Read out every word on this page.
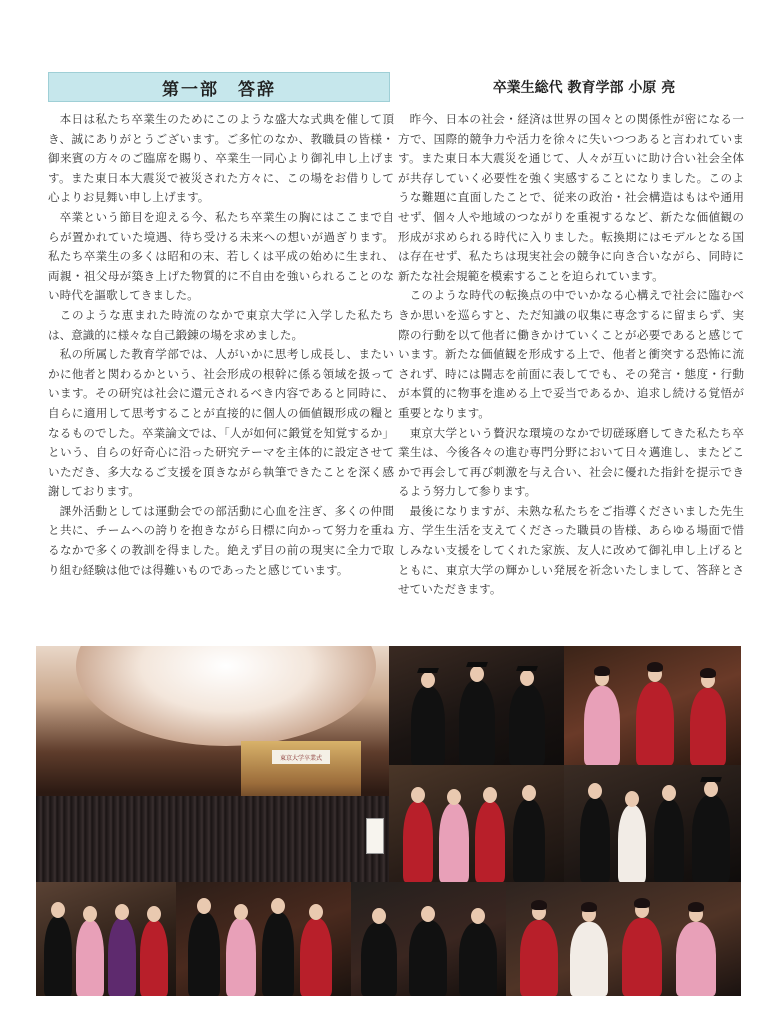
第一部　答辞	卒業生総代 教育学部 小原 亮

本日は私たち卒業生のためにこのような盛大な式典を催して頂き、誠にありがとうございます。ご多忙のなか、教職員の皆様・御来賓の方々のご臨席を賜り、卒業生一同心より御礼申し上げます。また東日本大震災で被災された方々に、この場をお借りして心よりお見舞い申し上げます。

卒業という節目を迎える今、私たち卒業生の胸にはここまで自らが置かれていた境遇、待ち受ける未来への想いが過ぎります。私たち卒業生の多くは昭和の末、若しくは平成の始めに生まれ、両親・祖父母が築き上げた物質的に不自由を強いられることのない時代を謳歌してきました。

このような恵まれた時流のなかで東京大学に入学した私たちは、意識的に様々な自己鍛錬の場を求めました。

私の所属した教育学部では、人がいかに思考し成長し、またいかに他者と関わるかという、社会形成の根幹に係る領域を扱っています。その研究は社会に還元されるべき内容であると同時に、自らに適用して思考することが直接的に個人の価値観形成の糧となるものでした。卒業論文では、「人が如何に鍛覚を知覚するか」という、自らの好奇心に沿った研究テーマを主体的に設定させていただき、多大なるご支援を頂きながら執筆できたことを深く感謝しております。

課外活動としては運動会での部活動に心血を注ぎ、多くの仲間と共に、チームへの誇りを抱きながら日標に向かって努力を重ねるなかで多くの教訓を得ました。絶えず目の前の現実に全力で取り組む経験は他では得難いものであったと感じています。

昨今、日本の社会・経済は世界の国々との関係性が密になる一方で、国際的競争力や活力を徐々に失いつつあると言われています。また東日本大震災を通じて、人々が互いに助け合い社会全体が共存していく必要性を強く実感することになりました。このような難題に直面したことで、従来の政治・社会構造はもはや通用せず、個々人や地域のつながりを重視するなど、新たな価値観の形成が求められる時代に入りました。転換期にはモデルとなる国は存在せず、私たちは現実社会の競争に向き合いながら、同時に新たな社会規範を模索することを迫られています。

このような時代の転換点の中でいかなる心構えで社会に臨むべきか思いを巡らすと、ただ知識の収集に専念するに留まらず、実際の行動を以て他者に働きかけていくことが必要であると感じています。新たな価値観を形成する上で、他者と衝突する恐怖に流されず、時には闘志を前面に表してでも、その発言・態度・行動が本質的に物事を進める上で妥当であるか、追求し続ける覚悟が重要となります。

東京大学という贅沢な環境のなかで切磋琢磨してきた私たち卒業生は、今後各々の進む専門分野において日々邁進し、またどこかで再会して再び刺激を与え合い、社会に優れた指針を提示できるよう努力して参ります。

最後になりますが、未熟な私たちをご指導くださいました先生方、学生生活を支えてくださった職員の皆様、あらゆる場面で惜しみない支援をしてくれた家族、友人に改めて御礼申し上げるとともに、東京大学の輝かしい発展を祈念いたしまして、答辞とさせていただきます。

東京大学卒業式
